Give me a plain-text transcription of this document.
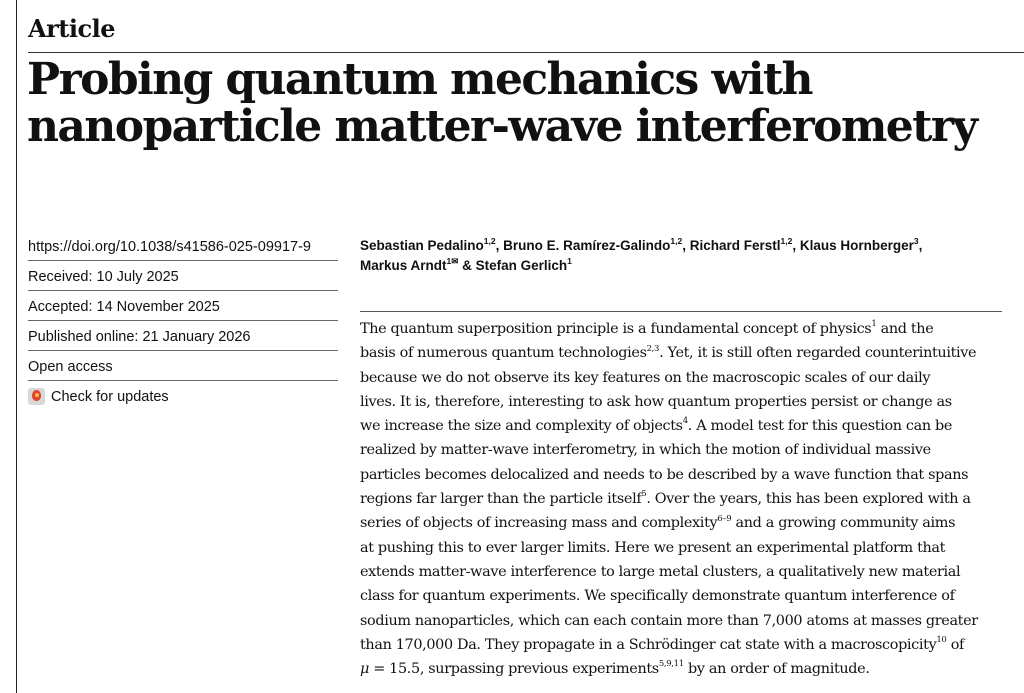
Article
Probing quantum mechanics with
nanoparticle matter-wave interferometry
https://doi.org/10.1038/s41586-025-09917-9
Received: 10 July 2025
Accepted: 14 November 2025
Published online: 21 January 2026
Open access
Check for updates

Sebastian Pedalino$^{1,2}$, Bruno E. Ramírez-Galindo$^{1,2}$, Richard Ferstl$^{1,2}$, Klaus Hornberger$^3$,
Markus Arndt$^{1✉}$ & Stefan Gerlich$^1$

The quantum superposition principle is a fundamental concept of physics$^1$ and the
basis of numerous quantum technologies$^{2,3}$. Yet, it is still often regarded counterintuitive
because we do not observe its key features on the macroscopic scales of our daily
lives. It is, therefore, interesting to ask how quantum properties persist or change as
we increase the size and complexity of objects$^4$. A model test for this question can be
realized by matter-wave interferometry, in which the motion of individual massive
particles becomes delocalized and needs to be described by a wave function that spans
regions far larger than the particle itself$^5$. Over the years, this has been explored with a
series of objects of increasing mass and complexity$^{6-9}$ and a growing community aims
at pushing this to ever larger limits. Here we present an experimental platform that
extends matter-wave interference to large metal clusters, a qualitatively new material
class for quantum experiments. We specifically demonstrate quantum interference of
sodium nanoparticles, which can each contain more than 7,000 atoms at masses greater
than 170,000 Da. They propagate in a Schrödinger cat state with a macroscopicity$^{10}$ of
μ = 15.5, surpassing previous experiments$^{5,9,11}$ by an order of magnitude.
